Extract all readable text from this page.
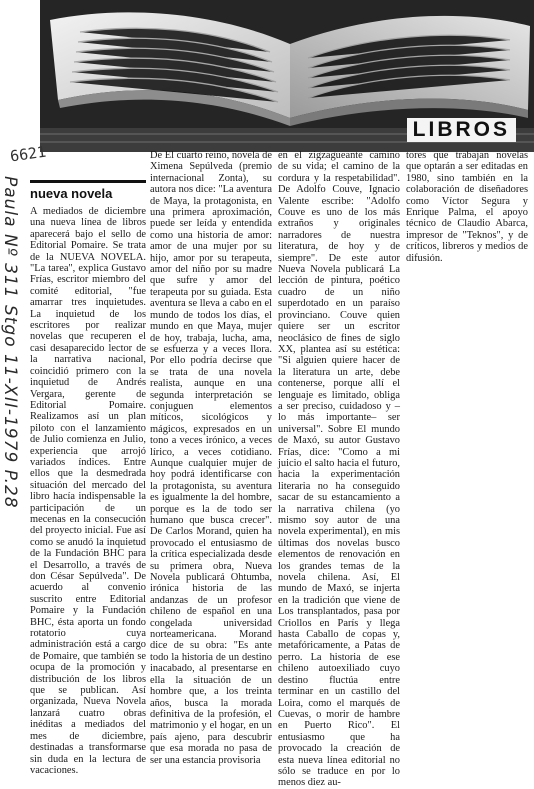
LIBROS
6621
Paula Nº 311 Stgo 11-XII-1979 P.28 nueva novela

A mediados de diciembre una nueva línea de libros aparecerá bajo el sello de Editorial Pomaire. Se trata de la NUEVA NOVELA. "La tarea", explica Gustavo Frías, escritor miembro del comité editorial, "fue amarrar tres inquietudes. La inquietud de los escritores por realizar novelas que recuperen el casi desaparecido lector de la narrativa nacional, coincidió primero con la inquietud de Andrés Vergara, gerente de Editorial Pomaire. Realizamos así un plan piloto con el lanzamiento de Julio comienza en Julio, experiencia que arrojó variados índices. Entre ellos que la desmedrada situación del mercado del libro hacía indispensable la participación de un mecenas en la consecución del proyecto inicial. Fue así como se anudó la inquietud de la Fundación BHC para el Desarrollo, a través de don César Sepúlveda". De acuerdo al convenio suscrito entre Editorial Pomaire y la Fundación BHC, ésta aporta un fondo rotatorio cuya administración está a cargo de Pomaire, que también se ocupa de la promoción y distribución de los libros que se publican. Así organizada, Nueva Novela lanzará cuatro obras inéditas a mediados del mes de diciembre, destinadas a transformarse sin duda en la lectura de vacaciones.

De El cuarto reino, novela de Ximena Sepúlveda (premio internacional Zonta), su autora nos dice: "La aventura de Maya, la protagonista, en una primera aproximación, puede ser leída y entendida como una historia de amor: amor de una mujer por su hijo, amor por su terapeuta, amor del niño por su madre que sufre y amor del terapeuta por su guiada. Esta aventura se lleva a cabo en el mundo de todos los días, el mundo en que Maya, mujer de hoy, trabaja, lucha, ama, se esfuerza y a veces llora. Por ello podría decirse que se trata de una novela realista, aunque en una segunda interpretación se conjuguen elementos míticos, sicológicos y mágicos, expresados en un tono a veces irónico, a veces lírico, a veces cotidiano. Aunque cualquier mujer de hoy podrá identificarse con la protagonista, su aventura es igualmente la del hombre, porque es la de todo ser humano que busca crecer". De Carlos Morand, quien ha provocado el entusiasmo de la crítica especializada desde su primera obra, Nueva Novela publicará Ohtumba, irónica historia de las andanzas de un profesor chileno de español en una congelada universidad norteamericana. Morand dice de su obra: "Es ante todo la historia de un destino inacabado, al presentarse en ella la situación de un hombre que, a los treinta años, busca la morada definitiva de la profesión, el matrimonio y el hogar, en un país ajeno, para descubrir que esa morada no pasa de ser una estancia provisoria

en el zigzagueante camino de su vida; el camino de la cordura y la respetabilidad". De Adolfo Couve, Ignacio Valente escribe: "Adolfo Couve es uno de los más extraños y originales narradores de nuestra literatura, de hoy y de siempre". De este autor Nueva Novela publicará La lección de pintura, poético cuadro de un niño superdotado en un paraíso provinciano. Couve quien quiere ser un escritor neoclásico de fines de siglo XX, plantea así su estética: "Si alguien quiere hacer de la literatura un arte, debe contenerse, porque allí el lenguaje es limitado, obliga a ser preciso, cuidadoso y –lo más importante– ser universal". Sobre El mundo de Maxó, su autor Gustavo Frías, dice: "Como a mi juicio el salto hacia el futuro, hacia la experimentación literaria no ha conseguido sacar de su estancamiento a la narrativa chilena (yo mismo soy autor de una novela experimental), en mis últimas dos novelas busco elementos de renovación en los grandes temas de la novela chilena. Así, El mundo de Maxó, se injerta en la tradición que viene de Los transplantados, pasa por Criollos en París y llega hasta Caballo de copas y, metafóricamente, a Patas de perro. La historia de ese chileno autoexiliado cuyo destino fluctúa entre terminar en un castillo del Loira, como el marqués de Cuevas, o morir de hambre en Puerto Rico". El entusiasmo que ha provocado la creación de esta nueva línea editorial no sólo se traduce en por lo menos diez au-

tores que trabajan novelas que optarán a ser editadas en 1980, sino también en la colaboración de diseñadores como Víctor Segura y Enrique Palma, el apoyo técnico de Claudio Abarca, impresor de "Teknos", y de críticos, libreros y medios de difusión.
